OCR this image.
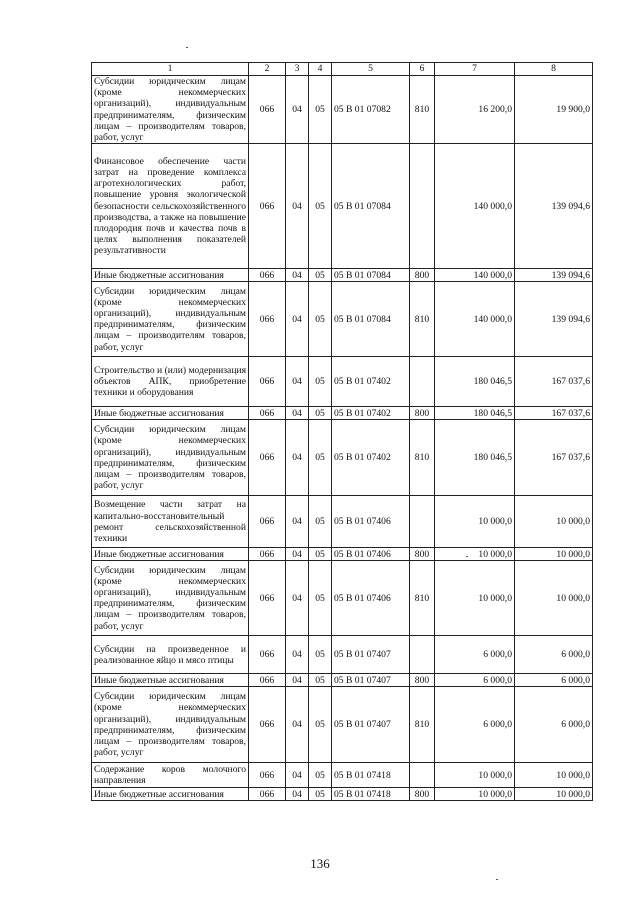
1	2	3	4	5	6	7	8
Субсидии юридическим лицам (кроме некоммерческих организаций), индивидуальным предпринимателям, физическим лицам – производителям товаров, работ, услуг	066	04	05	05 В 01 07082	810	16 200,0	19 900,0
Финансовое обеспечение части затрат на проведение комплекса агротехнологических работ, повышение уровня экологической безопасности сельскохозяйственного производства, а также на повышение плодородия почв и качества почв в целях выполнения показателей результативности	066	04	05	05 В 01 07084		140 000,0	139 094,6
Иные бюджетные ассигнования	066	04	05	05 В 01 07084	800	140 000,0	139 094,6
Субсидии юридическим лицам (кроме некоммерческих организаций), индивидуальным предпринимателям, физическим лицам – производителям товаров, работ, услуг	066	04	05	05 В 01 07084	810	140 000,0	139 094,6
Строительство и (или) модернизация объектов АПК, приобретение техники и оборудования	066	04	05	05 В 01 07402		180 046,5	167 037,6
Иные бюджетные ассигнования	066	04	05	05 В 01 07402	800	180 046,5	167 037,6
Субсидии юридическим лицам (кроме некоммерческих организаций), индивидуальным предпринимателям, физическим лицам – производителям товаров, работ, услуг	066	04	05	05 В 01 07402	810	180 046,5	167 037,6
Возмещение части затрат на капитально-восстановительный ремонт сельскохозяйственной техники	066	04	05	05 В 01 07406		10 000,0	10 000,0
Иные бюджетные ассигнования	066	04	05	05 В 01 07406	800	10 000,0	10 000,0
Субсидии юридическим лицам (кроме некоммерческих организаций), индивидуальным предпринимателям, физическим лицам – производителям товаров, работ, услуг	066	04	05	05 В 01 07406	810	10 000,0	10 000,0
Субсидии на произведенное и реализованное яйцо и мясо птицы	066	04	05	05 В 01 07407		6 000,0	6 000,0
Иные бюджетные ассигнования	066	04	05	05 В 01 07407	800	6 000,0	6 000,0
Субсидии юридическим лицам (кроме некоммерческих организаций), индивидуальным предпринимателям, физическим лицам – производителям товаров, работ, услуг	066	04	05	05 В 01 07407	810	6 000,0	6 000,0
Содержание коров молочного направления	066	04	05	05 В 01 07418		10 000,0	10 000,0
Иные бюджетные ассигнования	066	04	05	05 В 01 07418	800	10 000,0	10 000,0
136
